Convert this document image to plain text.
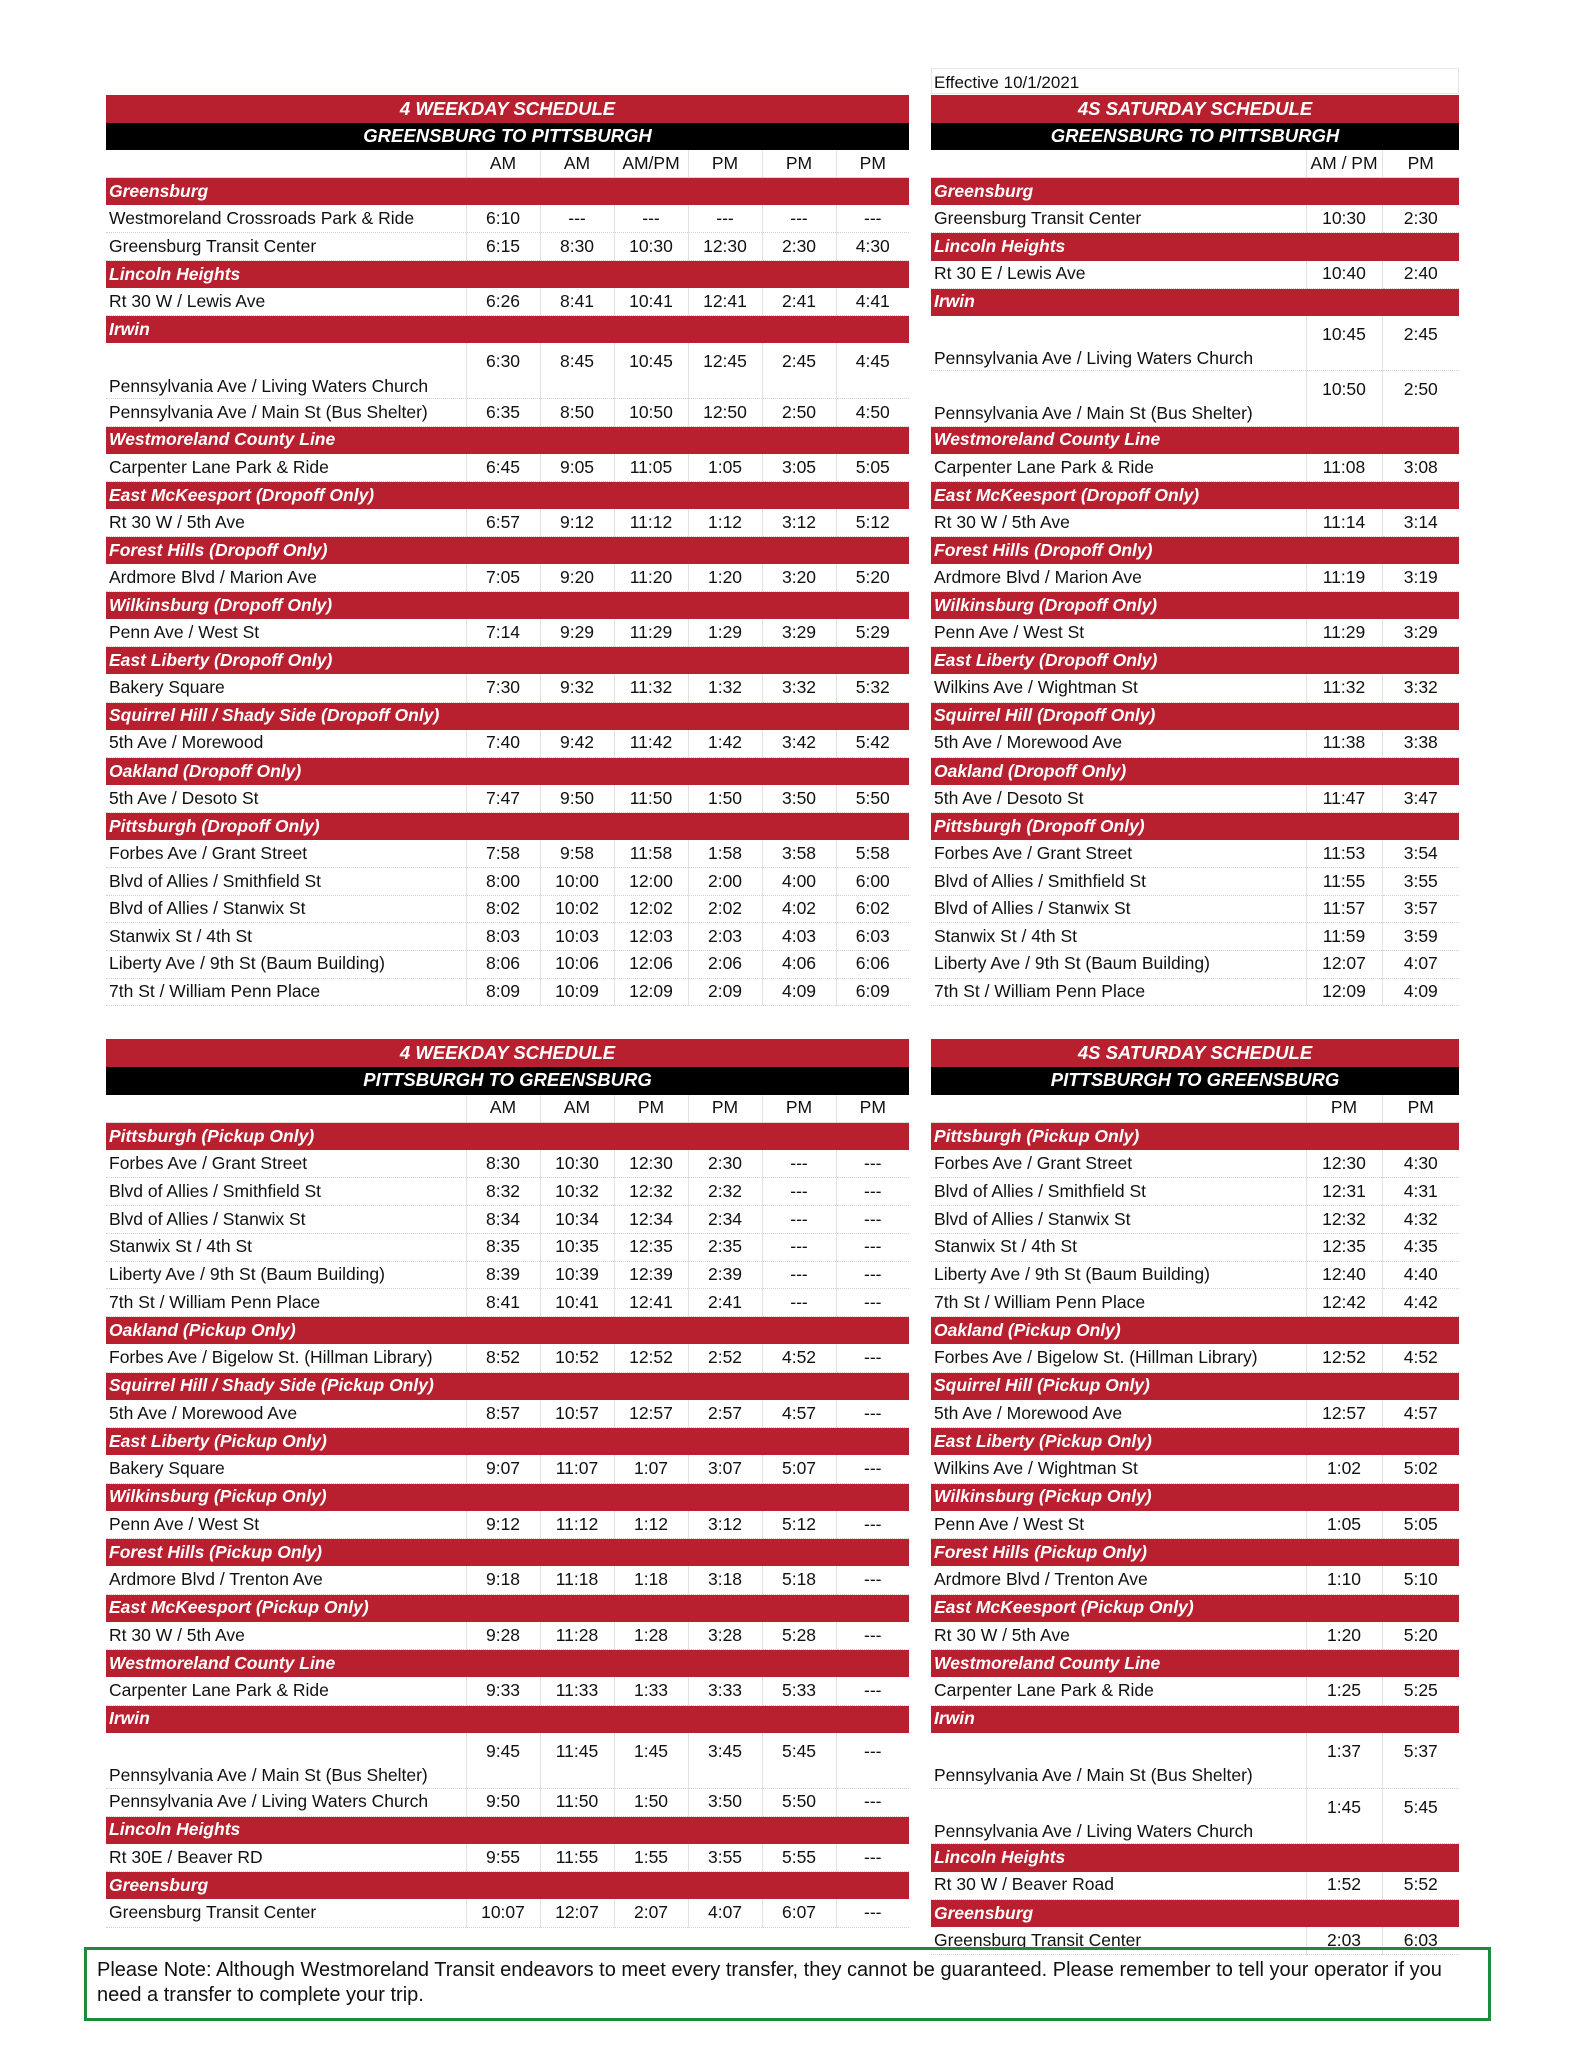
Effective 10/1/2021
4 WEEKDAY SCHEDULE						
GREENSBURG TO PITTSBURGH						
	AM	AM	AM/PM	PM	PM	PM
Greensburg						
Westmoreland Crossroads Park & Ride	6:10	---	---	---	---	---
Greensburg Transit Center	6:15	8:30	10:30	12:30	2:30	4:30
Lincoln Heights						
Rt 30 W / Lewis Ave	6:26	8:41	10:41	12:41	2:41	4:41
Irwin						
Pennsylvania Ave / Living Waters Church	6:30	8:45	10:45	12:45	2:45	4:45
Pennsylvania Ave / Main St (Bus Shelter)	6:35	8:50	10:50	12:50	2:50	4:50
Westmoreland County Line						
Carpenter Lane Park & Ride	6:45	9:05	11:05	1:05	3:05	5:05
East McKeesport (Dropoff Only)						
Rt 30 W / 5th Ave	6:57	9:12	11:12	1:12	3:12	5:12
Forest Hills (Dropoff Only)						
Ardmore Blvd / Marion Ave	7:05	9:20	11:20	1:20	3:20	5:20
Wilkinsburg (Dropoff Only)						
Penn Ave / West St	7:14	9:29	11:29	1:29	3:29	5:29
East Liberty (Dropoff Only)						
Bakery Square	7:30	9:32	11:32	1:32	3:32	5:32
Squirrel Hill / Shady Side (Dropoff Only)						
5th Ave / Morewood	7:40	9:42	11:42	1:42	3:42	5:42
Oakland (Dropoff Only)						
5th Ave / Desoto St	7:47	9:50	11:50	1:50	3:50	5:50
Pittsburgh (Dropoff Only)						
Forbes Ave / Grant Street	7:58	9:58	11:58	1:58	3:58	5:58
Blvd of Allies / Smithfield St	8:00	10:00	12:00	2:00	4:00	6:00
Blvd of Allies / Stanwix St	8:02	10:02	12:02	2:02	4:02	6:02
Stanwix St / 4th St	8:03	10:03	12:03	2:03	4:03	6:03
Liberty Ave / 9th St (Baum Building)	8:06	10:06	12:06	2:06	4:06	6:06
7th St / William Penn Place	8:09	10:09	12:09	2:09	4:09	6:09
4S SATURDAY SCHEDULE		
GREENSBURG TO PITTSBURGH		
	AM / PM	PM
Greensburg		
Greensburg Transit Center	10:30	2:30
Lincoln Heights		
Rt 30 E / Lewis Ave	10:40	2:40
Irwin		
Pennsylvania Ave / Living Waters Church	10:45	2:45
Pennsylvania Ave / Main St (Bus Shelter)	10:50	2:50
Westmoreland County Line		
Carpenter Lane Park & Ride	11:08	3:08
East McKeesport (Dropoff Only)		
Rt 30 W / 5th Ave	11:14	3:14
Forest Hills (Dropoff Only)		
Ardmore Blvd / Marion Ave	11:19	3:19
Wilkinsburg (Dropoff Only)		
Penn Ave / West St	11:29	3:29
East Liberty (Dropoff Only)		
Wilkins Ave / Wightman St	11:32	3:32
Squirrel Hill (Dropoff Only)		
5th Ave / Morewood Ave	11:38	3:38
Oakland (Dropoff Only)		
5th Ave / Desoto St	11:47	3:47
Pittsburgh (Dropoff Only)		
Forbes Ave / Grant Street	11:53	3:54
Blvd of Allies / Smithfield St	11:55	3:55
Blvd of Allies / Stanwix St	11:57	3:57
Stanwix St / 4th St	11:59	3:59
Liberty Ave / 9th St (Baum Building)	12:07	4:07
7th St / William Penn Place	12:09	4:09
4 WEEKDAY SCHEDULE						
PITTSBURGH TO GREENSBURG						
	AM	AM	PM	PM	PM	PM
Pittsburgh (Pickup Only)						
Forbes Ave / Grant Street	8:30	10:30	12:30	2:30	---	---
Blvd of Allies / Smithfield St	8:32	10:32	12:32	2:32	---	---
Blvd of Allies / Stanwix St	8:34	10:34	12:34	2:34	---	---
Stanwix St / 4th St	8:35	10:35	12:35	2:35	---	---
Liberty Ave / 9th St (Baum Building)	8:39	10:39	12:39	2:39	---	---
7th St / William Penn Place	8:41	10:41	12:41	2:41	---	---
Oakland (Pickup Only)						
Forbes Ave / Bigelow St. (Hillman Library)	8:52	10:52	12:52	2:52	4:52	---
Squirrel Hill / Shady Side (Pickup Only)						
5th Ave / Morewood Ave	8:57	10:57	12:57	2:57	4:57	---
East Liberty (Pickup Only)						
Bakery Square	9:07	11:07	1:07	3:07	5:07	---
Wilkinsburg (Pickup Only)						
Penn Ave / West St	9:12	11:12	1:12	3:12	5:12	---
Forest Hills (Pickup Only)						
Ardmore Blvd / Trenton Ave	9:18	11:18	1:18	3:18	5:18	---
East McKeesport (Pickup Only)						
Rt 30 W / 5th Ave	9:28	11:28	1:28	3:28	5:28	---
Westmoreland County Line						
Carpenter Lane Park & Ride	9:33	11:33	1:33	3:33	5:33	---
Irwin						
Pennsylvania Ave / Main St (Bus Shelter)	9:45	11:45	1:45	3:45	5:45	---
Pennsylvania Ave / Living Waters Church	9:50	11:50	1:50	3:50	5:50	---
Lincoln Heights						
Rt 30E / Beaver RD	9:55	11:55	1:55	3:55	5:55	---
Greensburg						
Greensburg Transit Center	10:07	12:07	2:07	4:07	6:07	---
4S SATURDAY SCHEDULE		
PITTSBURGH TO GREENSBURG		
	PM	PM
Pittsburgh (Pickup Only)		
Forbes Ave / Grant Street	12:30	4:30
Blvd of Allies / Smithfield St	12:31	4:31
Blvd of Allies / Stanwix St	12:32	4:32
Stanwix St / 4th St	12:35	4:35
Liberty Ave / 9th St (Baum Building)	12:40	4:40
7th St / William Penn Place	12:42	4:42
Oakland (Pickup Only)		
Forbes Ave / Bigelow St. (Hillman Library)	12:52	4:52
Squirrel Hill (Pickup Only)		
5th Ave / Morewood Ave	12:57	4:57
East Liberty (Pickup Only)		
Wilkins Ave / Wightman St	1:02	5:02
Wilkinsburg (Pickup Only)		
Penn Ave / West St	1:05	5:05
Forest Hills (Pickup Only)		
Ardmore Blvd / Trenton Ave	1:10	5:10
East McKeesport (Pickup Only)		
Rt 30 W / 5th Ave	1:20	5:20
Westmoreland County Line		
Carpenter Lane Park & Ride	1:25	5:25
Irwin		
Pennsylvania Ave / Main St (Bus Shelter)	1:37	5:37
Pennsylvania Ave / Living Waters Church	1:45	5:45
Lincoln Heights		
Rt 30 W / Beaver Road	1:52	5:52
Greensburg		
Greensburg Transit Center	2:03	6:03
Please Note: Although Westmoreland Transit endeavors to meet every transfer, they cannot be guaranteed. Please remember to tell your operator if you need a transfer to complete your trip.
